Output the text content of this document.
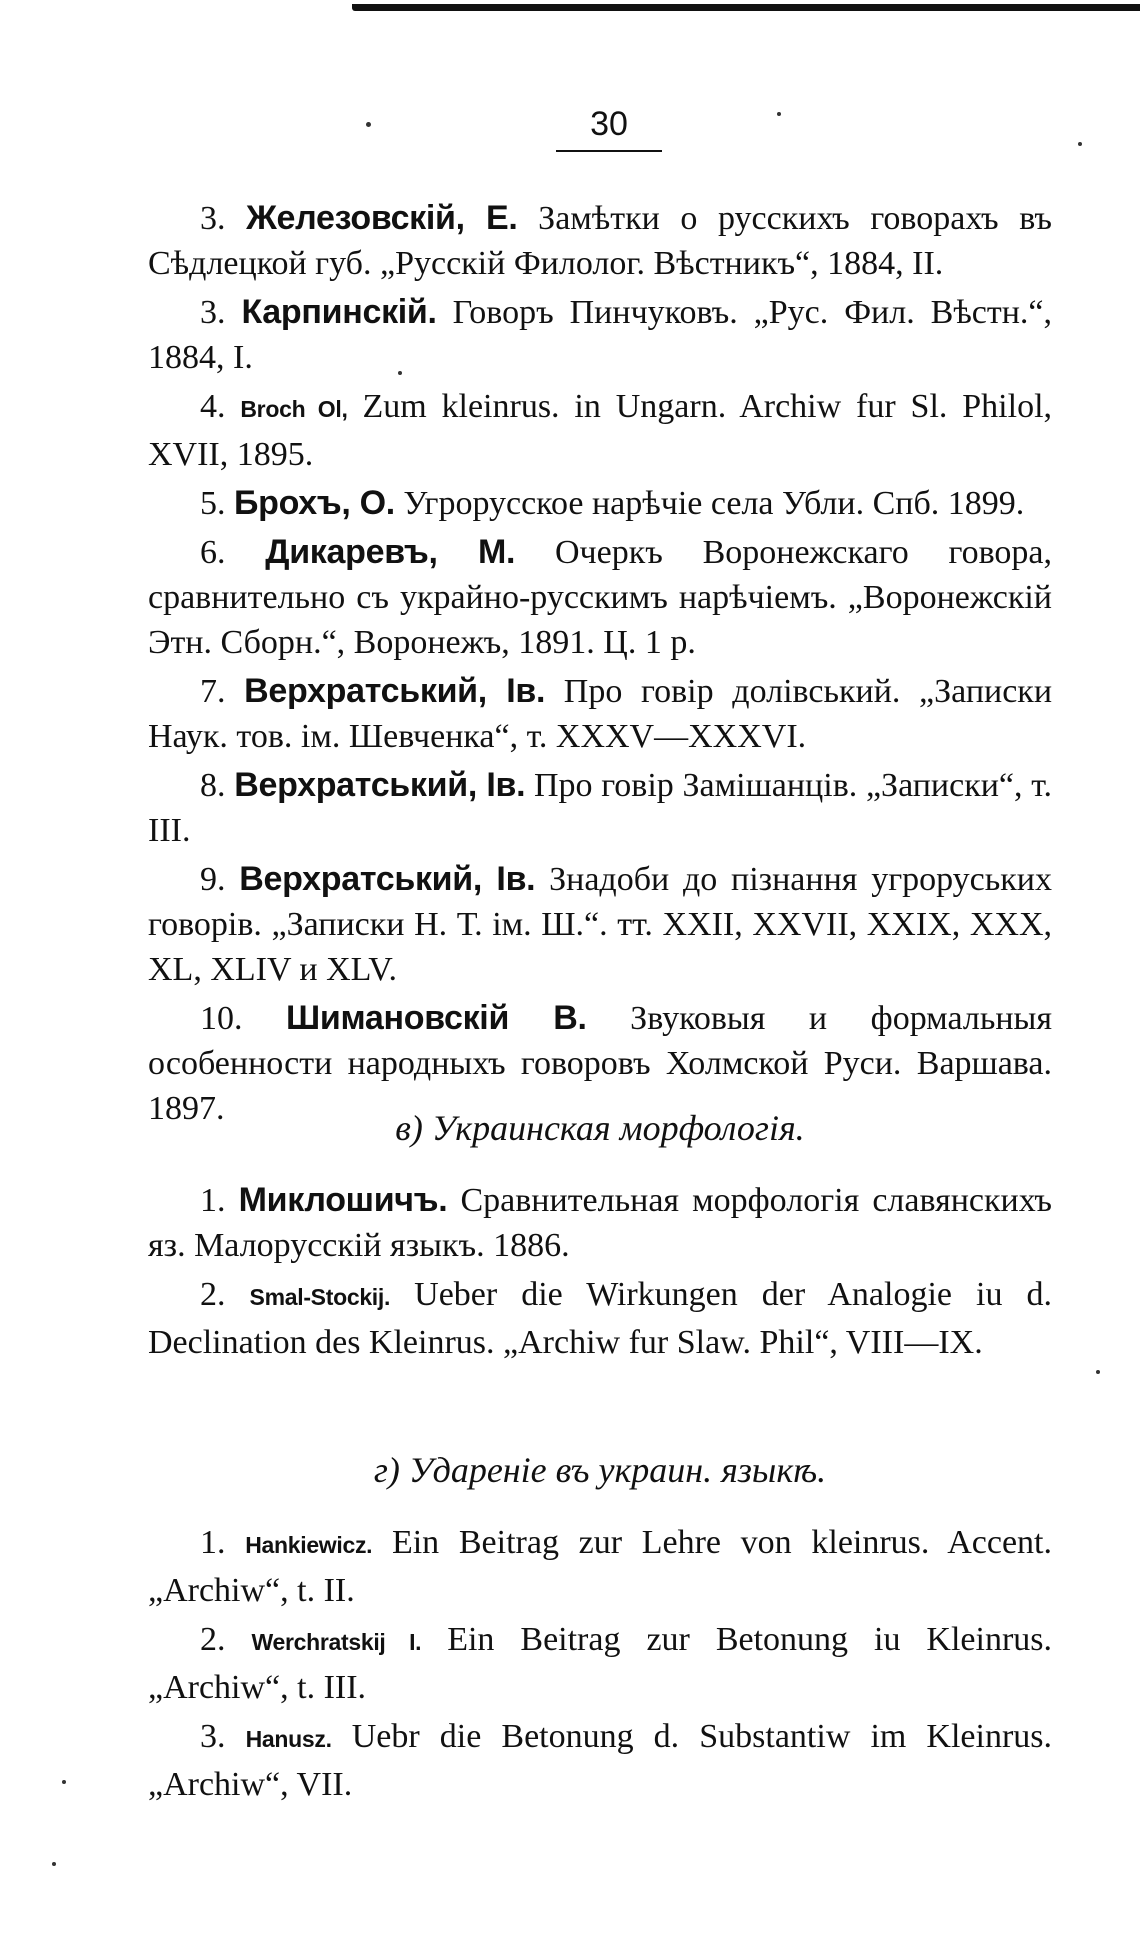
30

3. Железовскій, Е. Замѣтки о русскихъ говорахъ въ Сѣдлецкой губ. „Русскій Филолог. Вѣстникъ“, 1884, II.

3. Карпинскій. Говоръ Пинчуковъ. „Рус. Фил. Вѣстн.“, 1884, I.

4. Broch Ol, Zum kleinrus. in Ungarn. Archiw fur Sl. Philol, XVII, 1895.

5. Брохъ, О. Угрорусское нарѣчіе села Убли. Спб. 1899.

6. Дикаревъ, М. Очеркъ Воронежскаго говора, сравнительно съ украйно-русскимъ нарѣчіемъ. „Воронежскій Этн. Сборн.“, Воронежъ, 1891. Ц. 1 р.

7. Верхратський, Iв. Про говір долівський. „Записки Наук. тов. ім. Шевченка“, т. XXXV—XXXVI.

8. Верхратський, Iв. Про говір Замішанців. „Записки“, т. III.

9. Верхратський, Iв. Знадоби до пізнання угроруських говорів. „Записки Н. Т. ім. Ш.“. тт. XXII, XXVII, XXIX, XXX, XL, XLIV и XLV.

10. Шимановскій В. Звуковыя и формальныя особенности народныхъ говоровъ Холмской Руси. Варшава. 1897.	в) Украинская морфологія.

1. Миклошичъ. Сравнительная морфологія славянскихъ яз. Малорусскій языкъ. 1886.

2. Smal-Stockij. Ueber die Wirkungen der Analogie iu d. Declination des Kleinrus. „Archiw fur Slaw. Phil“, VIII—IX.

г) Ударенiе въ украин. языкѣ.

1. Hankiewicz. Ein Beitrag zur Lehre von kleinrus. Accent. „Archiw“, t. II.

2. Werchratskij I. Ein Beitrag zur Betonung iu Kleinrus. „Archiw“, t. III.

3. Hanusz. Uebr die Betonung d. Substantiw im Kleinrus. „Archiw“, VII.
